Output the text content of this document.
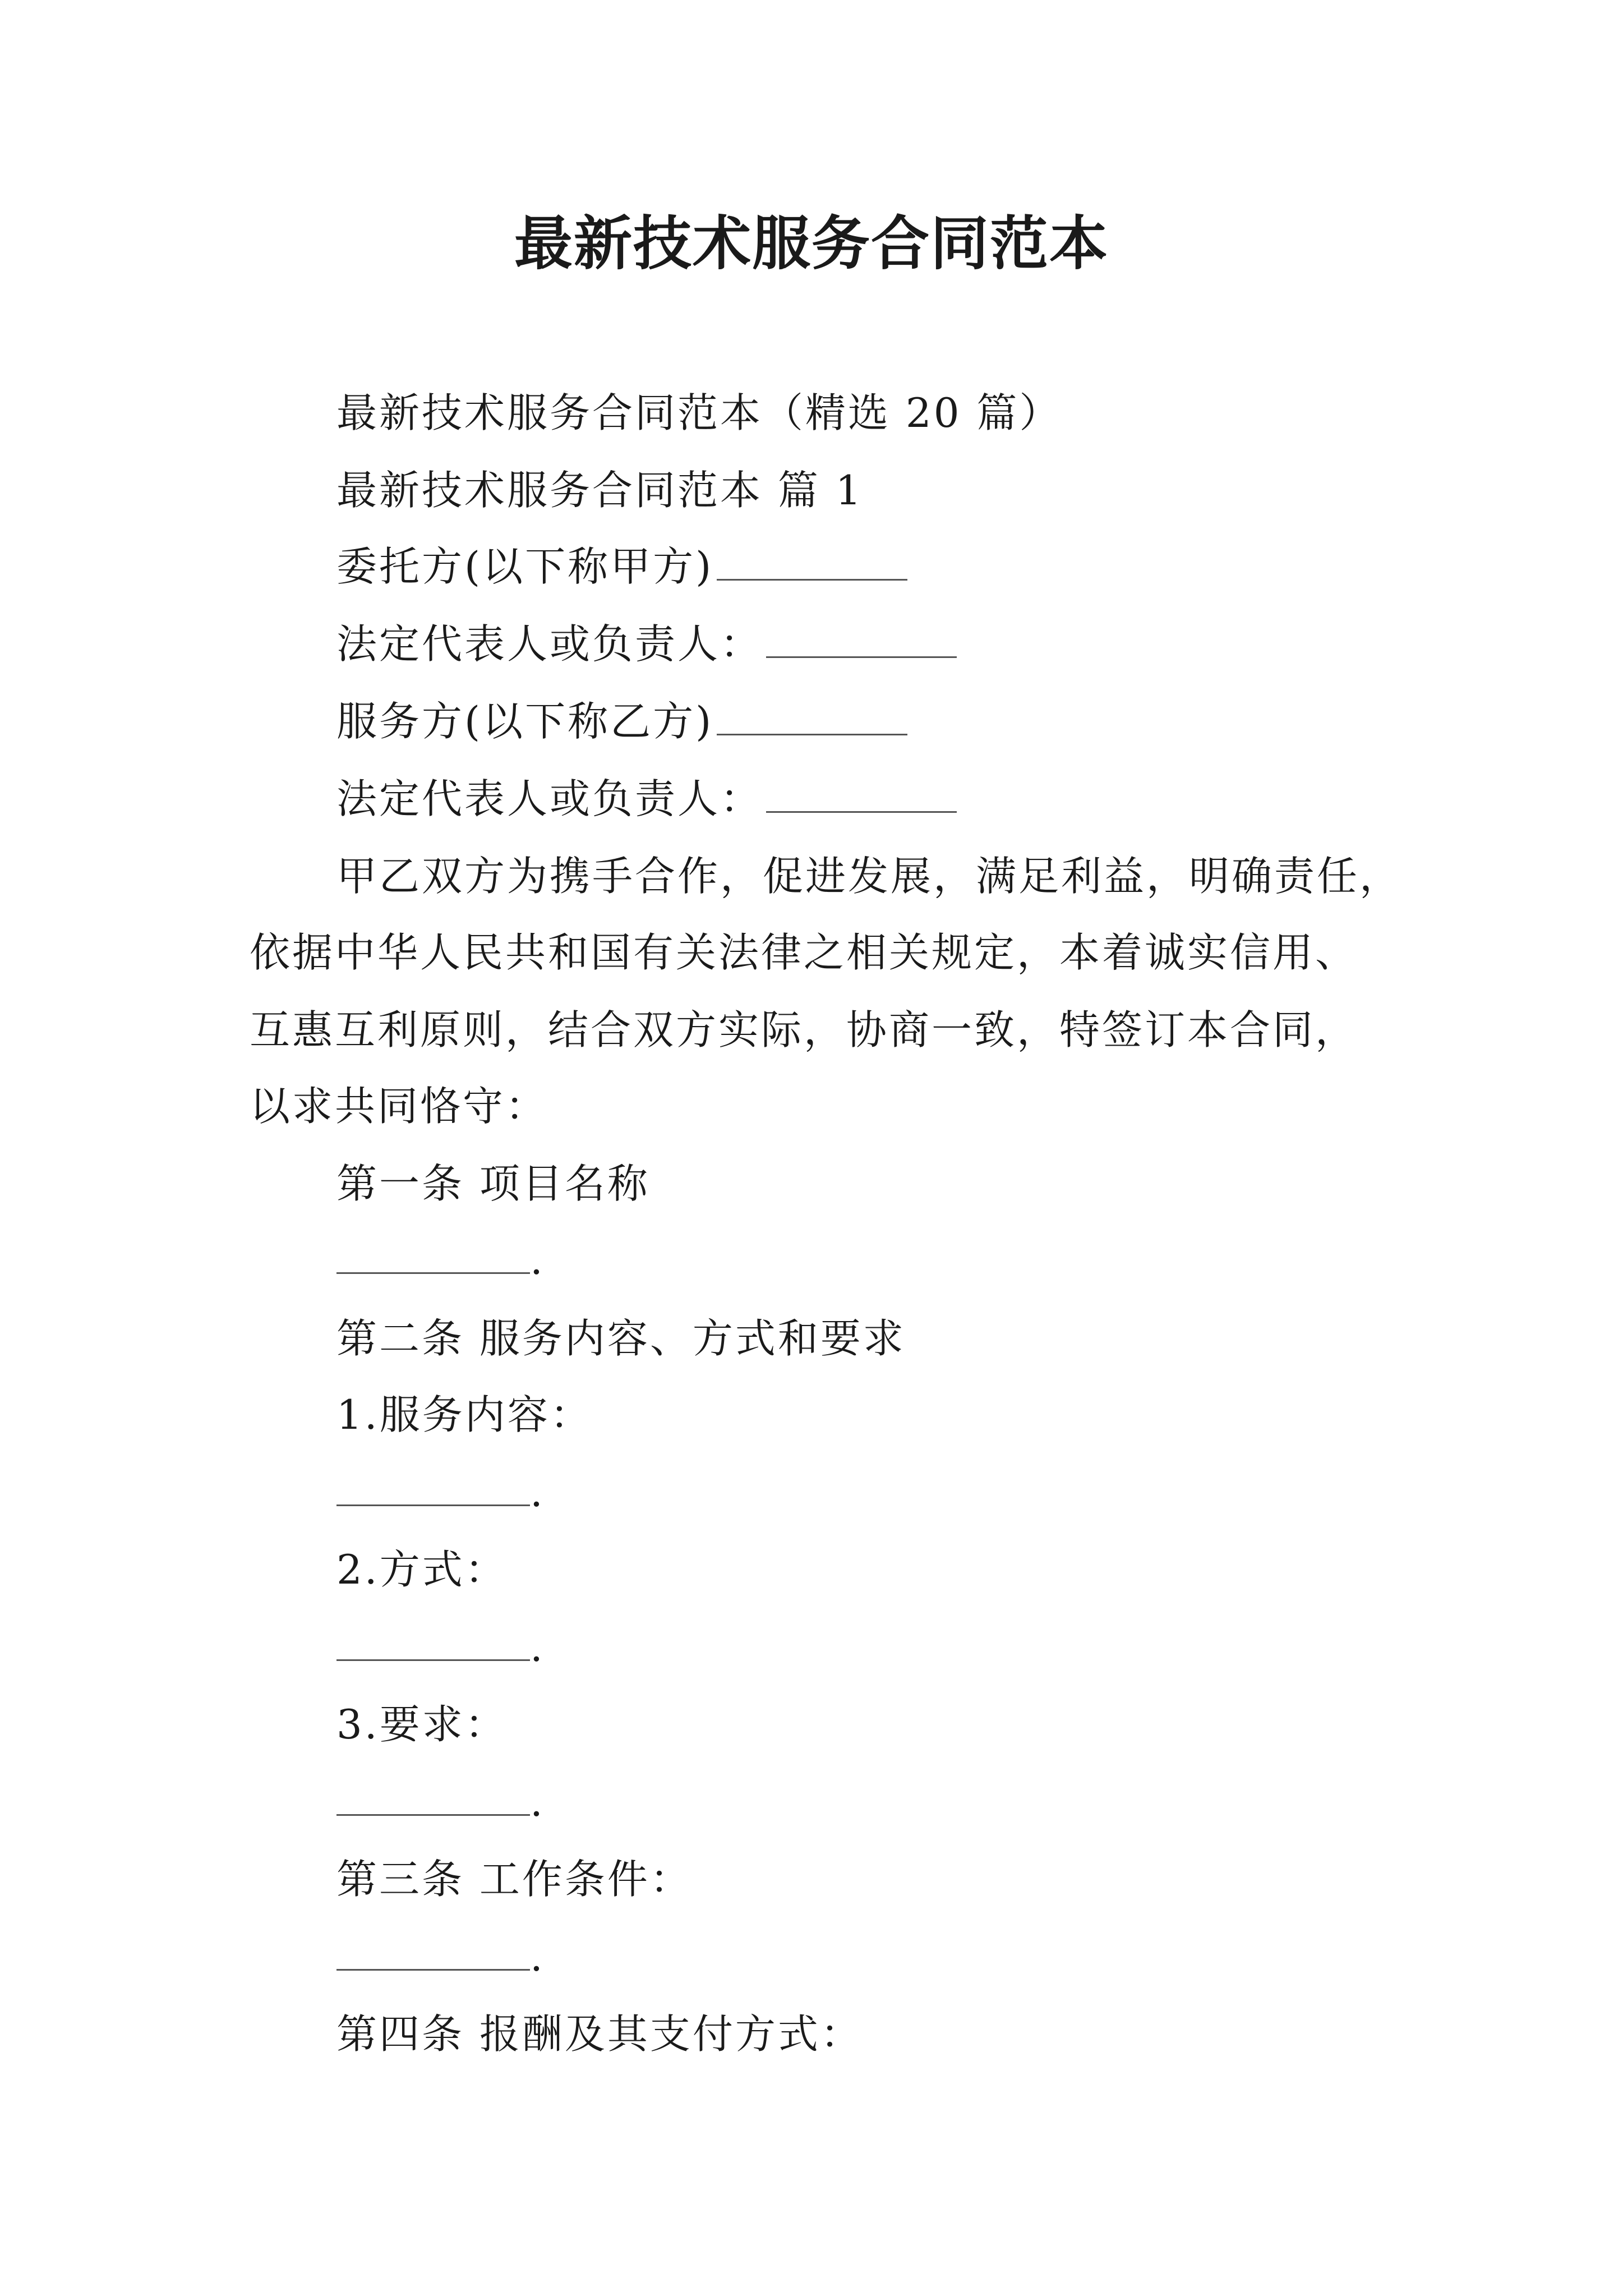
最新技术服务合同范本
最新技术服务合同范本（精选 20 篇）
最新技术服务合同范本 篇 1
委托方(以下称甲方)
法定代表人或负责人：
服务方(以下称乙方)
法定代表人或负责人：
甲乙双方为携手合作，促进发展，满足利益，明确责任，
依据中华人民共和国有关法律之相关规定，本着诚实信用、
互惠互利原则，结合双方实际，协商一致，特签订本合同，
以求共同恪守：
第一条 项目名称
.
第二条 服务内容、方式和要求
1.服务内容：
.
2.方式：
.
3.要求：
.
第三条 工作条件：
.
第四条 报酬及其支付方式：
